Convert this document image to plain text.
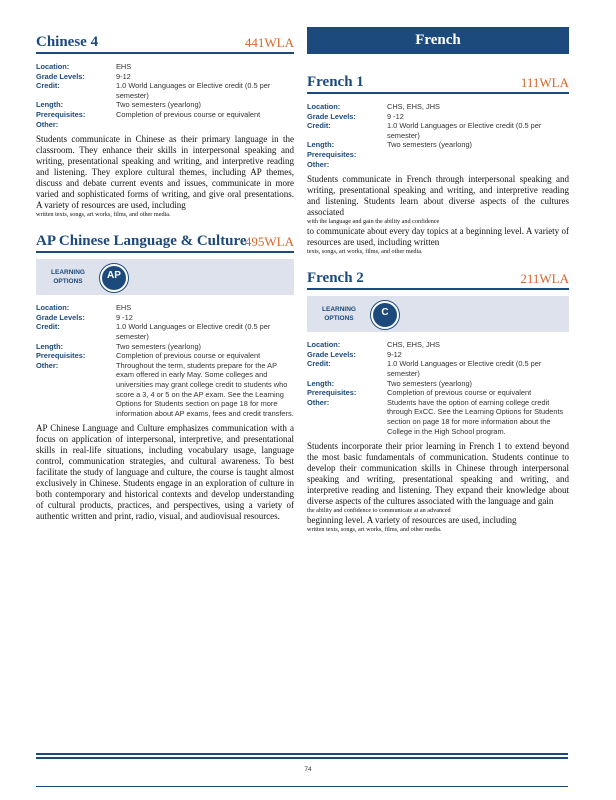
Chinese 4	441WLA
Location:	EHS
Grade Levels:	9-12
Credit:	1.0 World Languages or Elective credit (0.5 per semester)
Length:	Two semesters (yearlong)
Prerequisites:	Completion of previous course or equivalent
Other:
Students communicate in Chinese as their primary language in the classroom. They enhance their skills in interpersonal speaking and writing, presentational speaking and writing, and interpretive reading and listening. They explore cultural themes, including AP themes, discuss and debate current events and issues, communicate in more varied and sophisticated forms of writing, and give oral presentations. A variety of resources are used, including
written texts, songs, art works, films, and other media.
AP Chinese Language & Culture
495WLA
LEARNING OPTIONS
AP
Location:	EHS
Grade Levels:	9 -12
Credit:	1.0 World Languages or Elective credit (0.5 per semester)
Length:	Two semesters (yearlong)
Prerequisites:	Completion of previous course or equivalent
Other:	Throughout the term, students prepare for the AP exam offered in early May. Some colleges and universities may grant college credit to students who score a 3, 4 or 5 on the AP exam. See the Learning Options for Students section on page 18 for more information about AP exams, fees and credit transfers.
AP Chinese Language and Culture emphasizes communication with a focus on application of interpersonal, interpretive, and presentational skills in real-life situations, including vocabulary usage, language control, communication strategies, and cultural awareness. To best facilitate the study of language and culture, the course is taught almost exclusively in Chinese. Students engage in an exploration of culture in both contemporary and historical contexts and develop understanding of cultural products, practices, and perspectives, using a variety of authentic written and print, radio, visual, and audiovisual resources.
French
French 1	111WLA
Location:	CHS, EHS, JHS
Grade Levels:	9 -12
Credit:	1.0 World Languages or Elective credit (0.5 per semester)
Length:	Two semesters (yearlong)
Prerequisites:
Other:
Students communicate in French through interpersonal speaking and writing, presentational speaking and writing, and interpretive reading and listening. Students learn about diverse aspects of the cultures associated
with the language and gain the ability and confidence
to communicate about every day topics at a beginning level. A variety of resources are used, including written
texts, songs, art works, films, and other media.
French 2	211WLA
LEARNING OPTIONS
C
Location:	CHS, EHS, JHS
Grade Levels:	9-12
Credit:	1.0 World Languages or Elective credit (0.5 per semester)
Length:	Two semesters (yearlong)
Prerequisites:	Completion of previous course or equivalent
Other:	Students have the option of earning college credit through ExCC. See the Learning Options for Students section on page 18 for more information about the College in the High School program.
Students incorporate their prior learning in French 1 to extend beyond the most basic fundamentals of communication. Students continue to develop their communication skills in Chinese through interpersonal speaking and writing, presentational speaking and writing, and interpretive reading and listening. They expand their knowledge about diverse aspects of the cultures associated with the language and gain
the ability and confidence to communicate at an advanced
beginning level. A variety of resources are used, including
written texts, songs, art works, films, and other media.
74
